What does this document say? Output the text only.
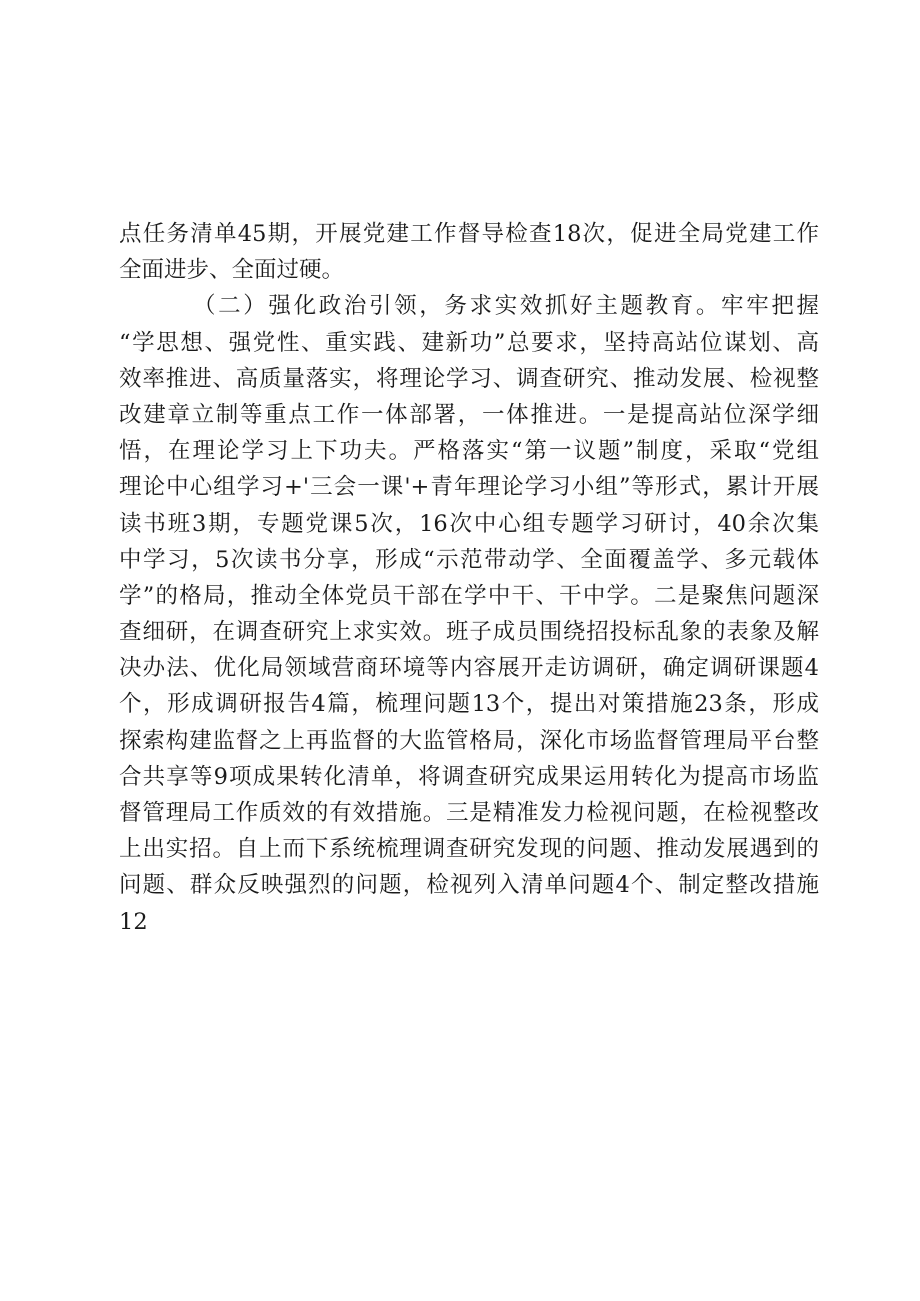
点任务清单45期，开展党建工作督导检查18次，促进全局党建工作
全面进步、全面过硬。
（二）强化政治引领，务求实效抓好主题教育。牢牢把握
“学思想、强党性、重实践、建新功”总要求，坚持高站位谋划、高
效率推进、高质量落实，将理论学习、调查研究、推动发展、检视整
改建章立制等重点工作一体部署，一体推进。一是提高站位深学细
悟，在理论学习上下功夫。严格落实“第一议题”制度，采取“党组
理论中心组学习+'三会一课'+青年理论学习小组”等形式，累计开展
读书班3期，专题党课5次，16次中心组专题学习研讨，40余次集
中学习，5次读书分享，形成“示范带动学、全面覆盖学、多元载体
学”的格局，推动全体党员干部在学中干、干中学。二是聚焦问题深
查细研，在调查研究上求实效。班子成员围绕招投标乱象的表象及解
决办法、优化局领域营商环境等内容展开走访调研，确定调研课题4
个，形成调研报告4篇，梳理问题13个，提出对策措施23条，形成
探索构建监督之上再监督的大监管格局，深化市场监督管理局平台整
合共享等9项成果转化清单，将调查研究成果运用转化为提高市场监
督管理局工作质效的有效措施。三是精准发力检视问题，在检视整改
上出实招。自上而下系统梳理调查研究发现的问题、推动发展遇到的
问题、群众反映强烈的问题，检视列入清单问题4个、制定整改措施
12
